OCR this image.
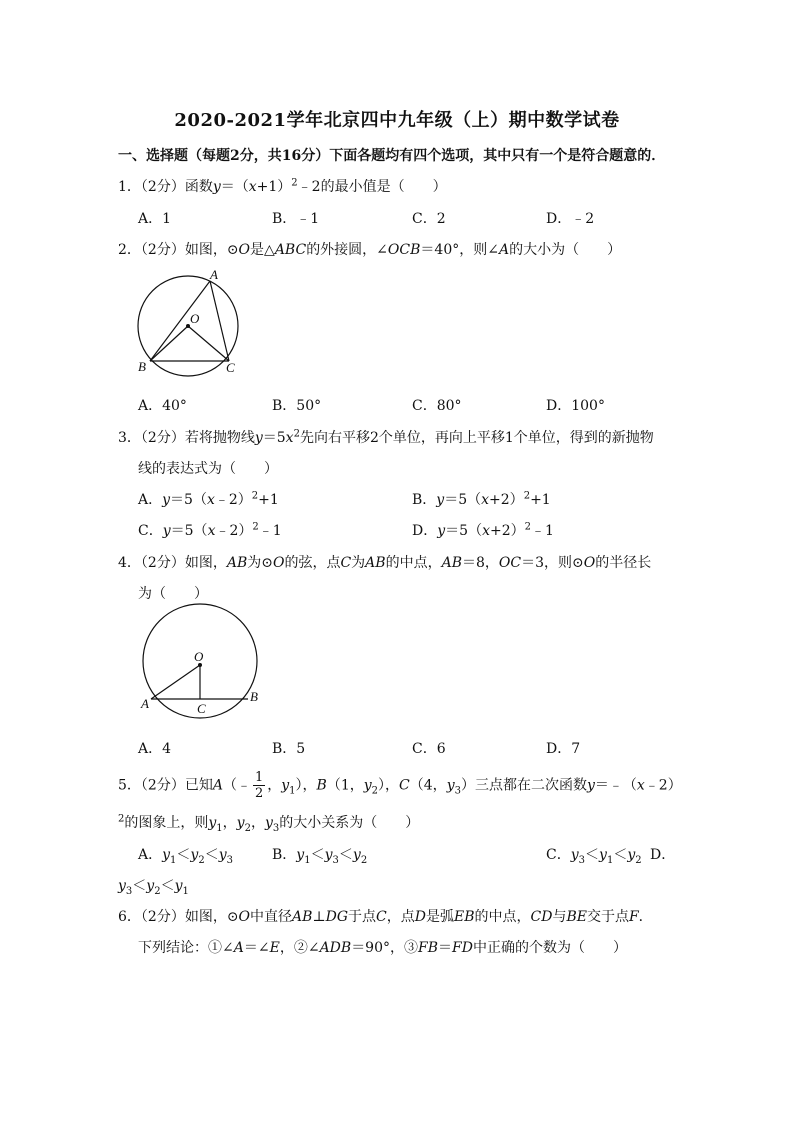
2020-2021学年北京四中九年级（上）期中数学试卷
一、选择题（每题2分，共16分）下面各题均有四个选项，其中只有一个是符合题意的．
1．（2分）函数$y=(x+1)^2﹣2$的最小值是（　　）
A．1	B．﹣1	C．2	D．﹣2
2．（2分）如图，⊙O是△ABC的外接圆，∠OCB＝40°，则∠A的大小为（　　）
A
O
B	C
A．40°	B．50°	C．80°	D．100°
3．（2分）若将抛物线$y=5x^2$先向右平移2个单位，再向上平移1个单位，得到的新抛物
线的表达式为（　　）
A．y＝5（x﹣2）$^2$+1	B．$y=5(x+2)^2+1$
C．y＝5（x﹣2）$^2$﹣1	D．$y=5(x+2)^2﹣1$
4．（2分）如图，AB为⊙O的弦，点C为AB的中点，AB＝8，OC＝3，则⊙O的半径长
为（　　）
O
A	B
C
A．4	B．5	C．6	D．7
5．（2分）已知A（﹣ $\frac{1}{2}$ ，$y_1$），B（1，$y_2$），C（4，$y_3$）三点都在二次函数y＝﹣（x﹣2）
$^2$的图象上，则$y_1$，$y_2$，$y_3$的大小关系为（　　）
A．$y_1<y_2<y_3$	B．$y_1<y_3<y_2$	C．$y_3<y_1<y_2$ D．
$y_3<y_2<y_1$
6．（2分）如图，⊙O中直径AB⊥DG于点C，点D是弧EB的中点，CD与BE交于点F．
下列结论：①∠A＝∠E，②∠ADB＝90°，③FB＝FD中正确的个数为（　　）
